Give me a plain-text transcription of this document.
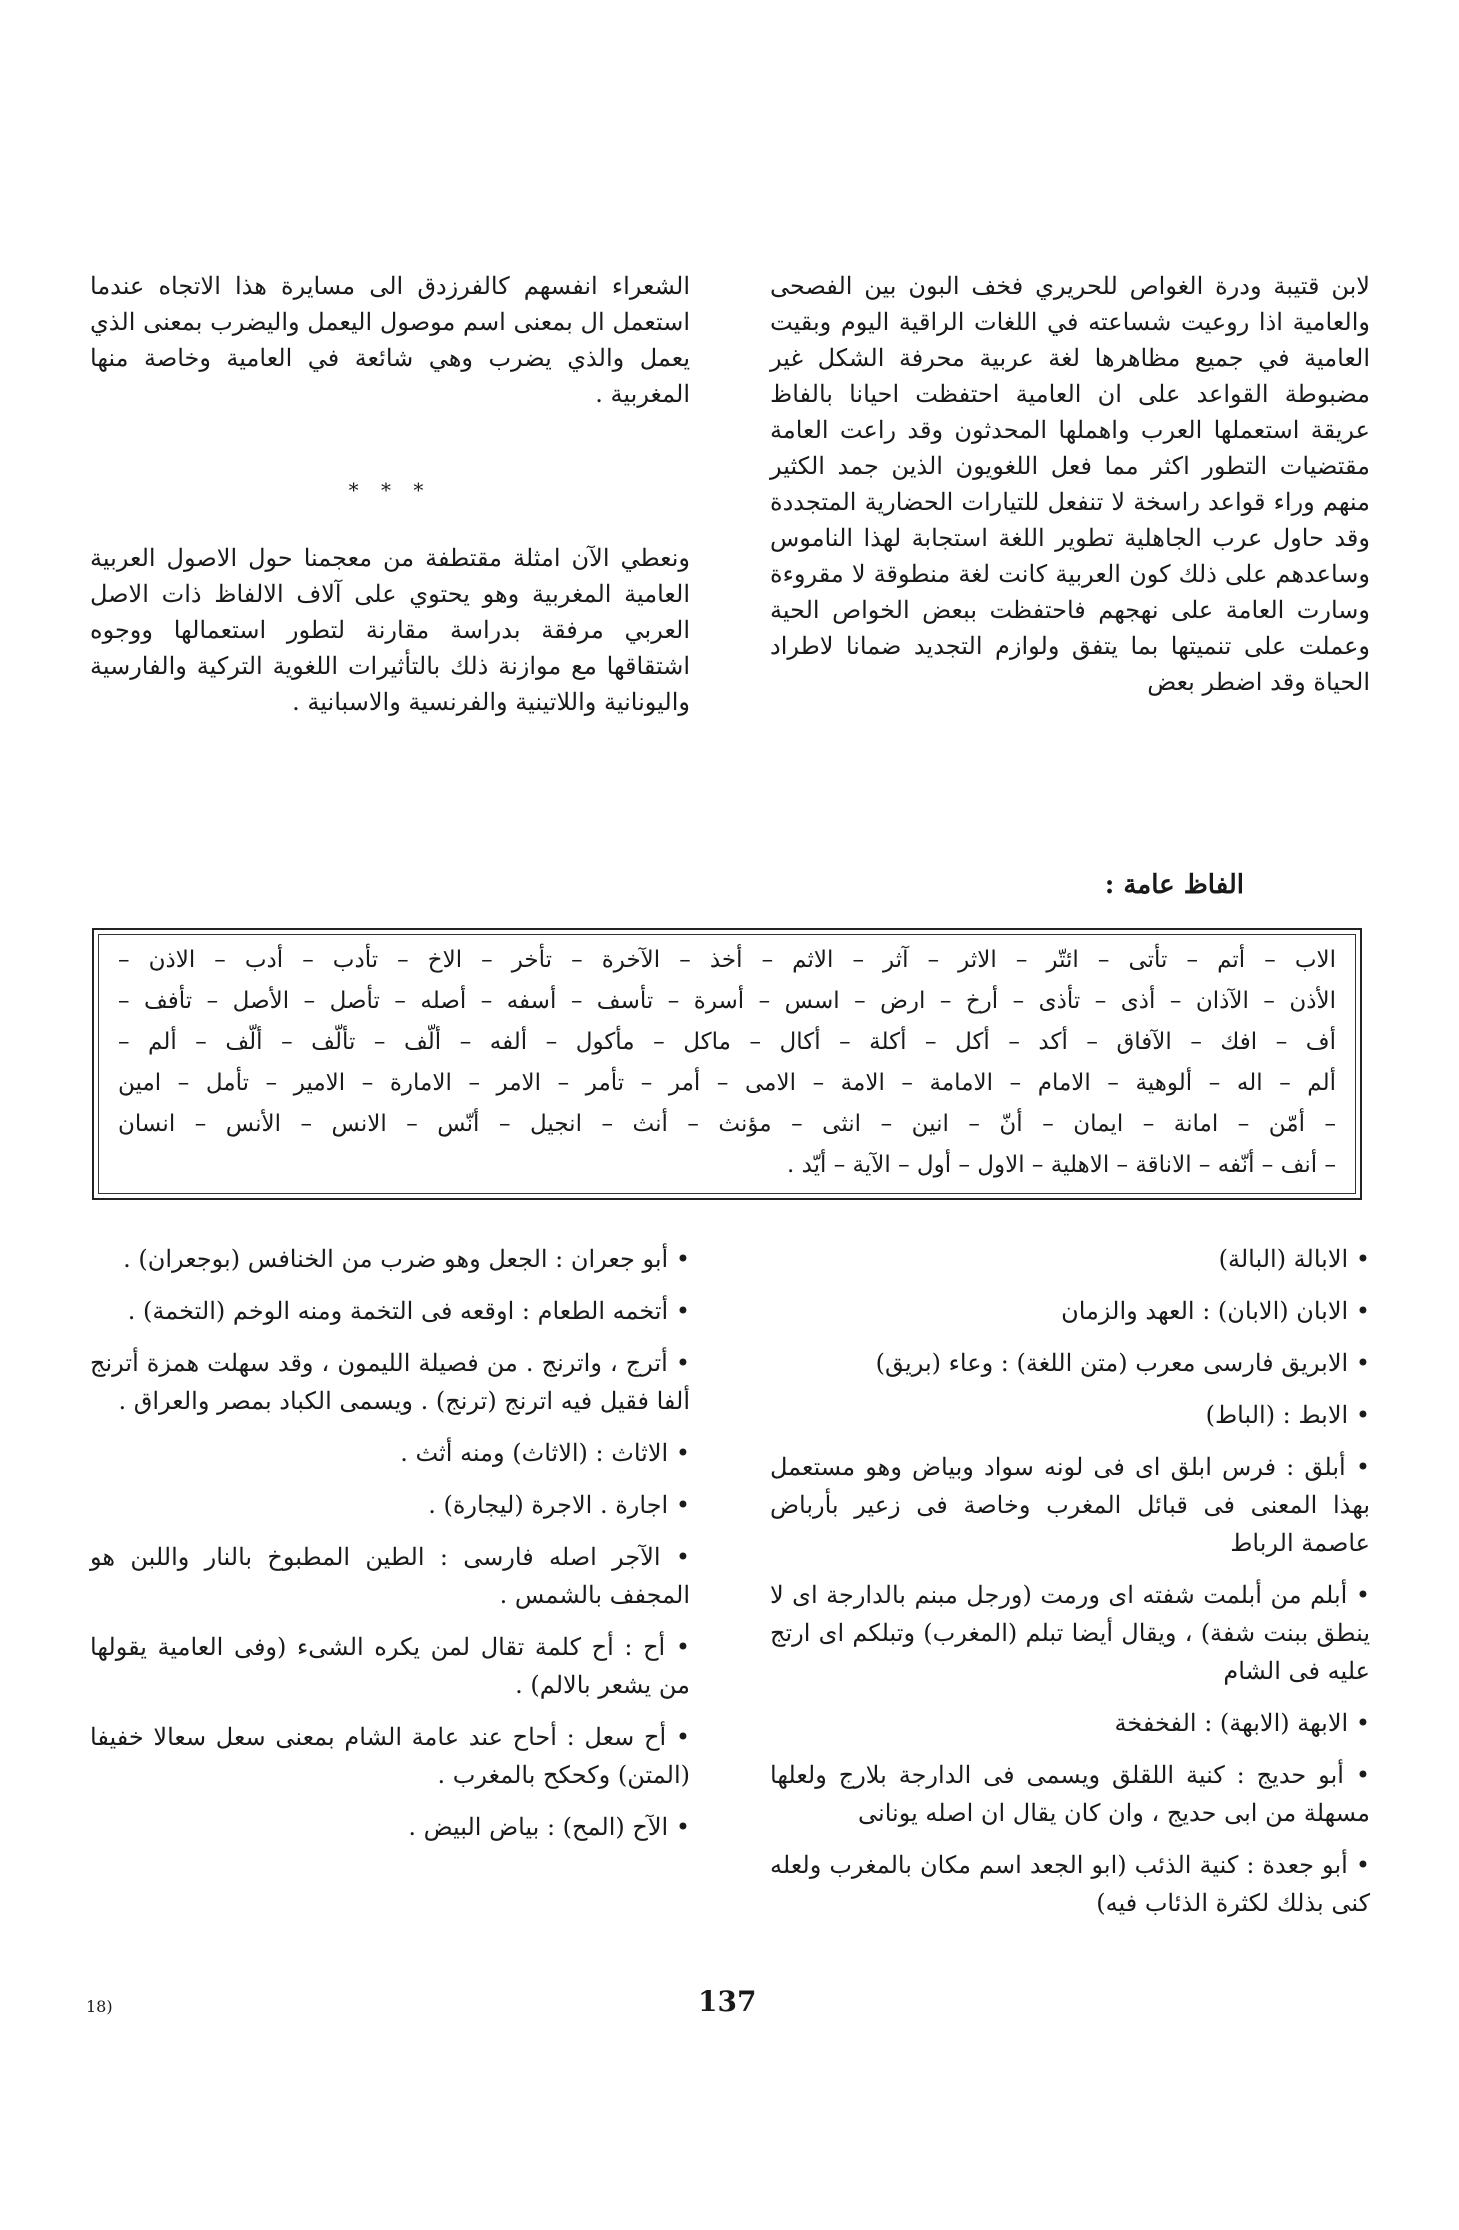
لابن قتيبة ودرة الغواص للحريري فخف البون بين الفصحى والعامية اذا روعيت شساعته في اللغات الراقية اليوم وبقيت العامية في جميع مظاهرها لغة عربية محرفة الشكل غير مضبوطة القواعد على ان العامية احتفظت احيانا بالفاظ عريقة استعملها العرب واهملها المحدثون وقد راعت العامة مقتضيات التطور اكثر مما فعل اللغويون الذين جمد الكثير منهم وراء قواعد راسخة لا تنفعل للتيارات الحضارية المتجددة وقد حاول عرب الجاهلية تطوير اللغة استجابة لهذا الناموس وساعدهم على ذلك كون العربية كانت لغة منطوقة لا مقروءة وسارت العامة على نهجهم فاحتفظت ببعض الخواص الحية وعملت على تنميتها بما يتفق ولوازم التجديد ضمانا لاطراد الحياة وقد اضطر بعض

الشعراء انفسهم كالفرزدق الى مسايرة هذا الاتجاه عندما استعمل ال بمعنى اسم موصول اليعمل واليضرب بمعنى الذي يعمل والذي يضرب وهي شائعة في العامية وخاصة منها المغربية .

* * *

ونعطي الآن امثلة مقتطفة من معجمنا حول الاصول العربية العامية المغربية وهو يحتوي على آلاف الالفاظ ذات الاصل العربي مرفقة بدراسة مقارنة لتطور استعمالها ووجوه اشتقاقها مع موازنة ذلك بالتأثيرات اللغوية التركية والفارسية واليونانية واللاتينية والفرنسية والاسبانية .

الفاظ عامة :
الاب – أتم – تأتى – ائتّر – الاثر – آثر – الاثم – أخذ – الآخرة – تأخر – الاخ – تأدب – أدب – الاذن –
الأذن – الآذان – أذى – تأذى – أرخ – ارض – اسس – أسرة – تأسف – أسفه – أصله – تأصل – الأصل – تأفف –
أف – افك – الآفاق – أكد – أكل – أكلة – أكال – ماكل – مأكول – ألفه – ألّف – تألّف – ألّف – ألم –
ألم – اله – ألوهية – الامام – الامامة – الامة – الامى – أمر – تأمر – الامر – الامارة – الامير – تأمل – امين
– أمّن – امانة – ايمان – أنّ – انين – انثى – مؤنث – أنث – انجيل – أنّس – الانس – الأنس – انسان
– أنف – أنّفه – الاناقة – الاهلية – الاول – أول – الآية – أيّد .

• الابالة (البالة)

• الابان (الابان) : العهد والزمان

• الابريق فارسى معرب (متن اللغة) : وعاء (بريق)

• الابط : (الباط)

• أبلق : فرس ابلق اى فى لونه سواد وبياض وهو مستعمل بهذا المعنى فى قبائل المغرب وخاصة فى زعير بأرباض عاصمة الرباط

• أبلم من أبلمت شفته اى ورمت (ورجل مبنم بالدارجة اى لا ينطق ببنت شفة) ، ويقال أيضا تبلم (المغرب) وتبلكم اى ارتج عليه فى الشام

• الابهة (الابهة) : الفخفخة

• أبو حديج : كنية اللقلق ويسمى فى الدارجة بلارج ولعلها مسهلة من ابى حديج ، وان كان يقال ان اصله يونانى

• أبو جعدة : كنية الذئب (ابو الجعد اسم مكان بالمغرب ولعله كنى بذلك لكثرة الذئاب فيه)

• أبو جعران : الجعل وهو ضرب من الخنافس (بوجعران) .

• أتخمه الطعام : اوقعه فى التخمة ومنه الوخم (التخمة) .

• أترج ، واترنج . من فصيلة الليمون ، وقد سهلت همزة أترنج ألفا فقيل فيه اترنج (ترنج) . ويسمى الكباد بمصر والعراق .

• الاثاث : (الاثاث) ومنه أثث .

• اجارة . الاجرة (ليجارة) .

• الآجر اصله فارسى : الطين المطبوخ بالنار واللبن هو المجفف بالشمس .

• أح : أح كلمة تقال لمن يكره الشىء (وفى العامية يقولها من يشعر بالالم) .

• أح سعل : أحاح عند عامة الشام بمعنى سعل سعالا خفيفا (المتن) وكحكح بالمغرب .

• الآح (المح) : بياض البيض .

18)	137
